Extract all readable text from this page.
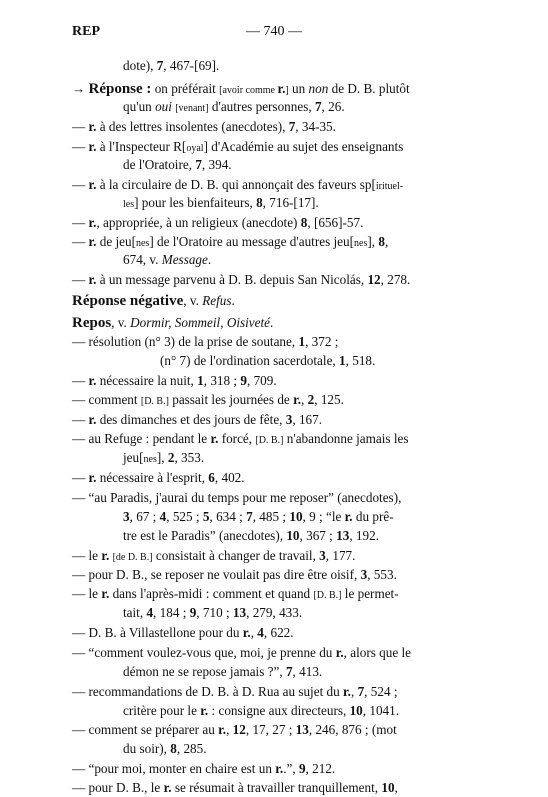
REP	— 740 —
dote), 7, 467-[69].
→ Réponse : on préférait [avoir comme r.] un non de D. B. plutôt
qu'un oui [venant] d'autres personnes, 7, 26.
— r. à des lettres insolentes (anecdotes), 7, 34-35.
— r. à l'Inspecteur R[oyal] d'Académie au sujet des enseignants
de l'Oratoire, 7, 394.
— r. à la circulaire de D. B. qui annonçait des faveurs sp[irituel-
les] pour les bienfaiteurs, 8, 716-[17].
— r., appropriée, à un religieux (anecdote) 8, [656]-57.
— r. de jeu[nes] de l'Oratoire au message d'autres jeu[nes], 8,
674, v. Message.
— r. à un message parvenu à D. B. depuis San Nicolás, 12, 278.
Réponse négative, v. Refus.
Repos, v. Dormir, Sommeil, Oisiveté.
— résolution (n° 3) de la prise de soutane, 1, 372 ;
(n° 7) de l'ordination sacerdotale, 1, 518.
— r. nécessaire la nuit, 1, 318 ; 9, 709.
— comment [D. B.] passait les journées de r., 2, 125.
— r. des dimanches et des jours de fête, 3, 167.
— au Refuge : pendant le r. forcé, [D. B.] n'abandonne jamais les
jeu[nes], 2, 353.
— r. nécessaire à l'esprit, 6, 402.
— “au Paradis, j'aurai du temps pour me reposer” (anecdotes),
3, 67 ; 4, 525 ; 5, 634 ; 7, 485 ; 10, 9 ; “le r. du prê-
tre est le Paradis” (anecdotes), 10, 367 ; 13, 192.
— le r. [de D. B.] consistait à changer de travail, 3, 177.
— pour D. B., se reposer ne voulait pas dire être oisif, 3, 553.
— le r. dans l'après-midi : comment et quand [D. B.] le permet-
tait, 4, 184 ; 9, 710 ; 13, 279, 433.
— D. B. à Villastellone pour du r., 4, 622.
— “comment voulez-vous que, moi, je prenne du r., alors que le
démon ne se repose jamais ?”, 7, 413.
— recommandations de D. B. à D. Rua au sujet du r., 7, 524 ;
critère pour le r. : consigne aux directeurs, 10, 1041.
— comment se préparer au r., 12, 17, 27 ; 13, 246, 876 ; (mot
du soir), 8, 285.
— “pour moi, monter en chaire est un r..”, 9, 212.
— pour D. B., le r. se résumait à travailler tranquillement, 10,
